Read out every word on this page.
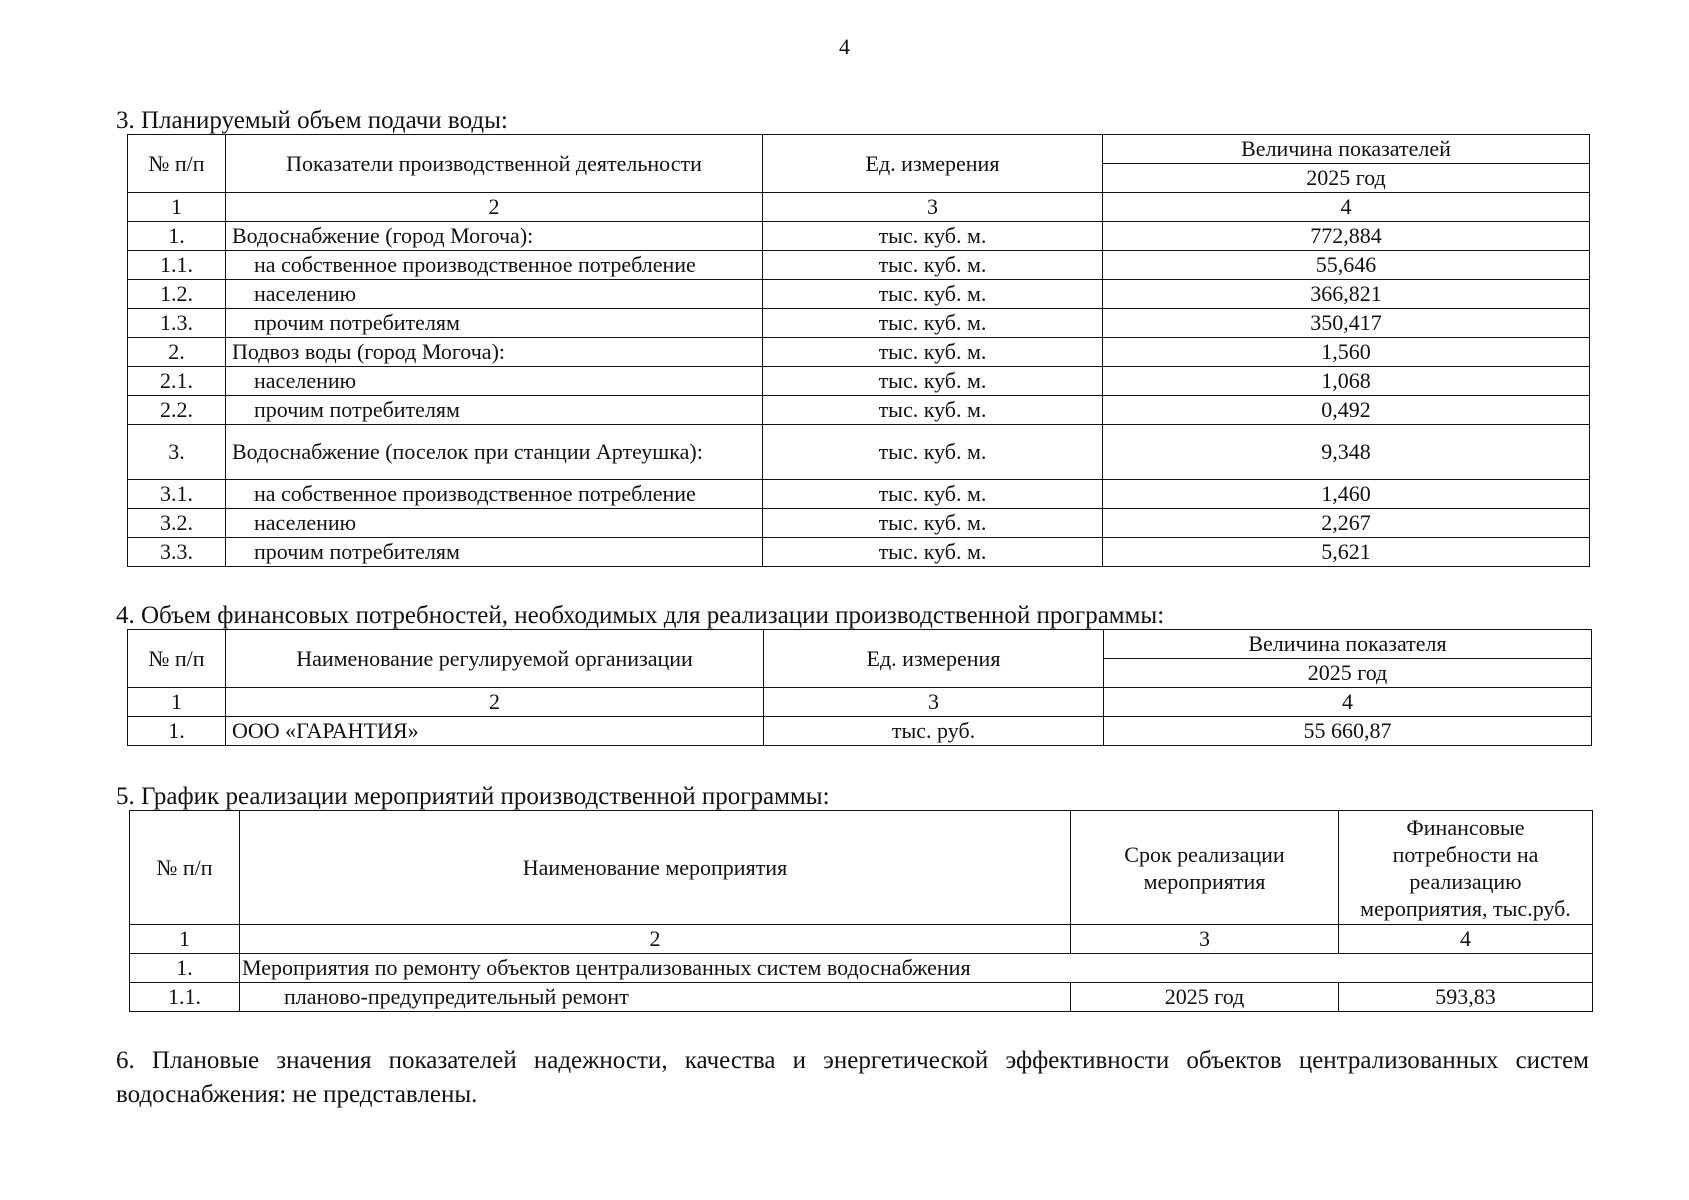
4
3. Планируемый объем подачи воды:
№ п/п	Показатели производственной деятельности	Ед. измерения	Величина показателей
			2025 год
1	2	3	4
1.	Водоснабжение (город Могоча):	тыс. куб. м.	772,884
1.1.	на собственное производственное потребление	тыс. куб. м.	55,646
1.2.	населению	тыс. куб. м.	366,821
1.3.	прочим потребителям	тыс. куб. м.	350,417
2.	Подвоз воды (город Могоча):	тыс. куб. м.	1,560
2.1.	населению	тыс. куб. м.	1,068
2.2.	прочим потребителям	тыс. куб. м.	0,492
3.	Водоснабжение (поселок при станции Артеушка):	тыс. куб. м.	9,348
3.1.	на собственное производственное потребление	тыс. куб. м.	1,460
3.2.	населению	тыс. куб. м.	2,267
3.3.	прочим потребителям	тыс. куб. м.	5,621
4. Объем финансовых потребностей, необходимых для реализации производственной программы:
№ п/п	Наименование регулируемой организации	Ед. измерения	Величина показателя
			2025 год
1	2	3	4
1.	ООО «ГАРАНТИЯ»	тыс. руб.	55 660,87
5. График реализации мероприятий производственной программы:
№ п/п	Наименование мероприятия	Срок реализации мероприятия	Финансовые потребности на реализацию мероприятия, тыс.руб.
1	2	3	4
1.	Мероприятия по ремонту объектов централизованных систем водоснабжения		
1.1.	планово-предупредительный ремонт	2025 год	593,83
6. Плановые значения показателей надежности, качества и энергетической эффективности объектов централизованных систем водоснабжения: не представлены.
